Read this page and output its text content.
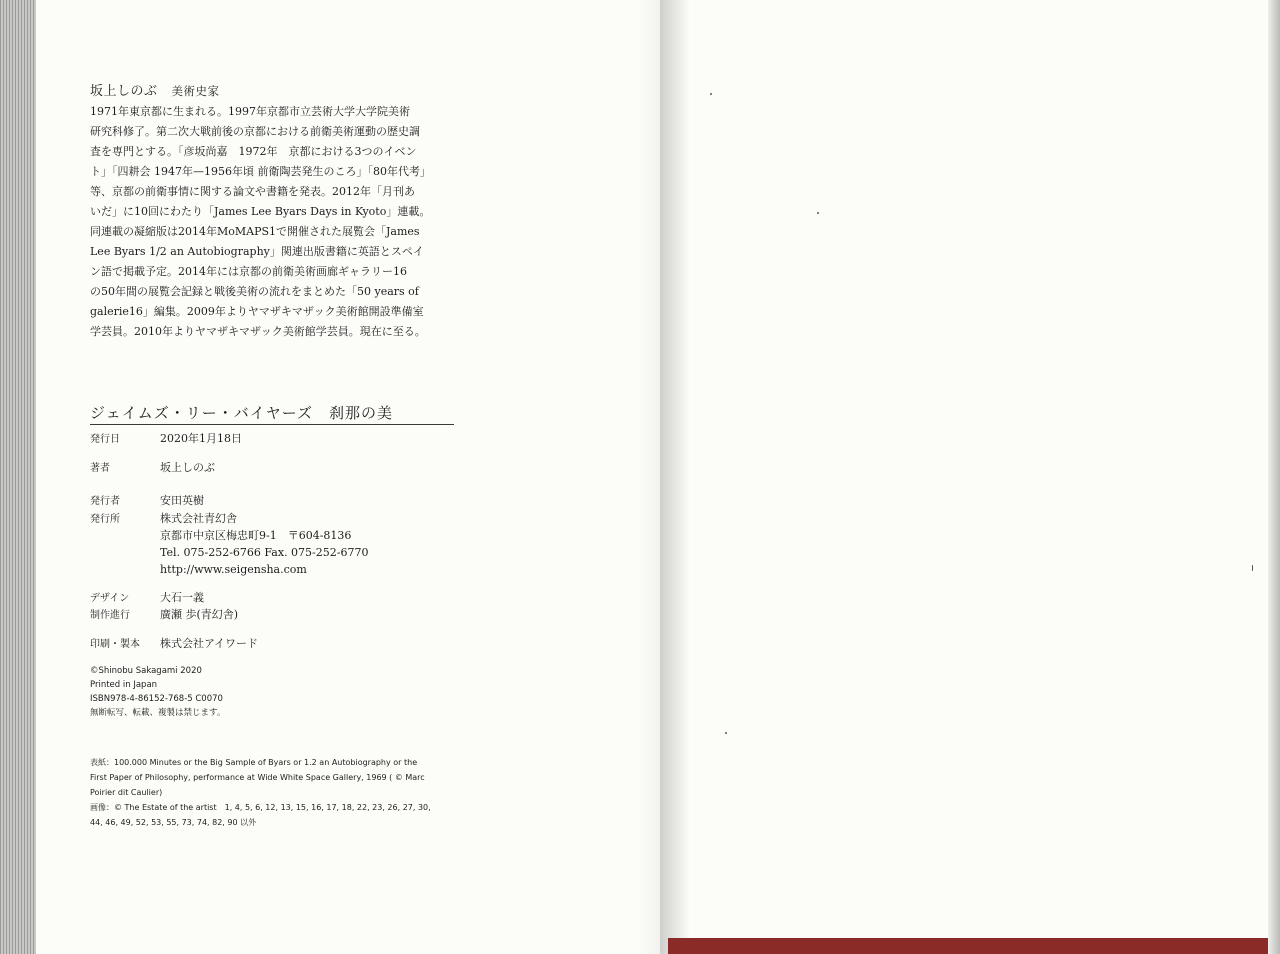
坂上しのぶ 美術史家
1971年東京都に生まれる。1997年京都市立芸術大学大学院美術
研究科修了。第二次大戦前後の京都における前衛美術運動の歴史調
査を専門とする。「彦坂尚嘉　1972年　京都における3つのイベン
ト」「四耕会 1947年—1956年頃 前衛陶芸発生のころ」「80年代考」
等、京都の前衛事情に関する論文や書籍を発表。2012年「月刊あ
いだ」に10回にわたり「James Lee Byars Days in Kyoto」連載。
同連載の凝縮版は2014年MoMAPS1で開催された展覧会「James
Lee Byars 1/2 an Autobiography」関連出版書籍に英語とスペイ
ン語で掲載予定。2014年には京都の前衛美術画廊ギャラリー16
の50年間の展覧会記録と戦後美術の流れをまとめた「50 years of
galerie16」編集。2009年よりヤマザキマザック美術館開設準備室
学芸員。2010年よりヤマザキマザック美術館学芸員。現在に至る。
ジェイムズ・リー・バイヤーズ　刹那の美
発行日	2020年1月18日
著者	坂上しのぶ
発行者	安田英樹
発行所	株式会社青幻舎
京都市中京区梅忠町9-1　〒604-8136
Tel. 075-252-6766 Fax. 075-252-6770
http://www.seigensha.com
デザイン	大石一義
制作進行	廣瀬 歩(青幻舎)
印刷・製本 株式会社アイワード
©Shinobu Sakagami 2020
Printed in Japan
ISBN978-4-86152-768-5 C0070
無断転写、転載、複製は禁じます。
表紙：100.000 Minutes or the Big Sample of Byars or 1.2 an Autobiography or the
First Paper of Philosophy, performance at Wide White Space Gallery, 1969 ( © Marc
Poirier dit Caulier)
画像：© The Estate of the artist　1, 4, 5, 6, 12, 13, 15, 16, 17, 18, 22, 23, 26, 27, 30,
44, 46, 49, 52, 53, 55, 73, 74, 82, 90 以外
